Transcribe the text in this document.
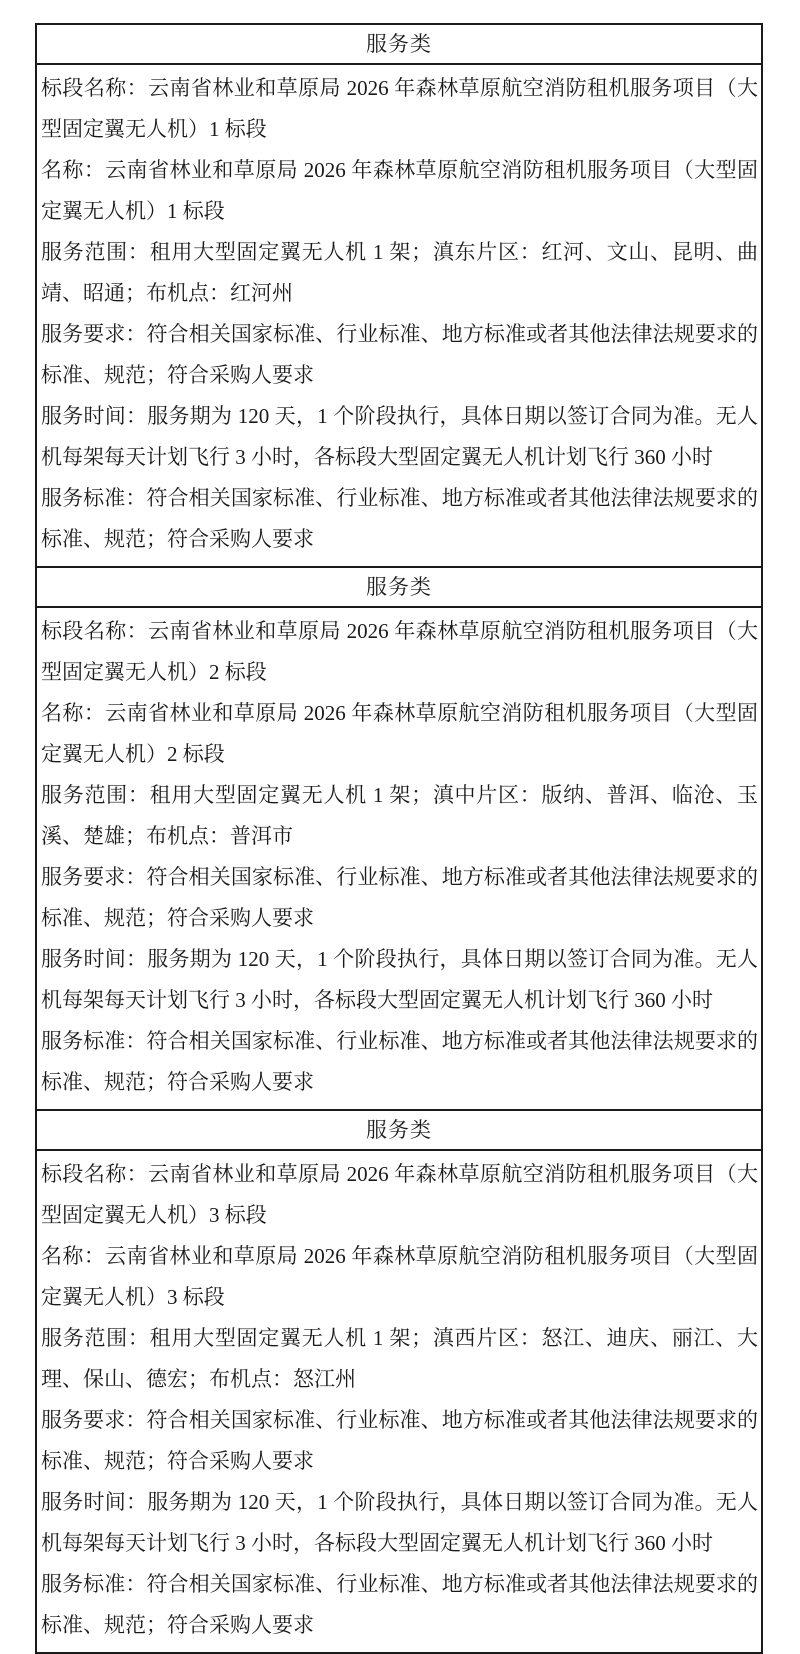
服务类

标段名称：云南省林业和草原局 2026 年森林草原航空消防租机服务项目（大型固定翼无人机）1 标段

名称：云南省林业和草原局 2026 年森林草原航空消防租机服务项目（大型固定翼无人机）1 标段

服务范围：租用大型固定翼无人机 1 架；滇东片区：红河、文山、昆明、曲靖、昭通；布机点：红河州

服务要求：符合相关国家标准、行业标准、地方标准或者其他法律法规要求的标准、规范；符合采购人要求

服务时间：服务期为 120 天，1 个阶段执行，具体日期以签订合同为准。无人机每架每天计划飞行 3 小时，各标段大型固定翼无人机计划飞行 360 小时

服务标准：符合相关国家标准、行业标准、地方标准或者其他法律法规要求的标准、规范；符合采购人要求

服务类

标段名称：云南省林业和草原局 2026 年森林草原航空消防租机服务项目（大型固定翼无人机）2 标段

名称：云南省林业和草原局 2026 年森林草原航空消防租机服务项目（大型固定翼无人机）2 标段

服务范围：租用大型固定翼无人机 1 架；滇中片区：版纳、普洱、临沧、玉溪、楚雄；布机点：普洱市

服务要求：符合相关国家标准、行业标准、地方标准或者其他法律法规要求的标准、规范；符合采购人要求

服务时间：服务期为 120 天，1 个阶段执行，具体日期以签订合同为准。无人机每架每天计划飞行 3 小时，各标段大型固定翼无人机计划飞行 360 小时

服务标准：符合相关国家标准、行业标准、地方标准或者其他法律法规要求的标准、规范；符合采购人要求

服务类

标段名称：云南省林业和草原局 2026 年森林草原航空消防租机服务项目（大型固定翼无人机）3 标段

名称：云南省林业和草原局 2026 年森林草原航空消防租机服务项目（大型固定翼无人机）3 标段

服务范围：租用大型固定翼无人机 1 架；滇西片区：怒江、迪庆、丽江、大理、保山、德宏；布机点：怒江州

服务要求：符合相关国家标准、行业标准、地方标准或者其他法律法规要求的标准、规范；符合采购人要求

服务时间：服务期为 120 天，1 个阶段执行，具体日期以签订合同为准。无人机每架每天计划飞行 3 小时，各标段大型固定翼无人机计划飞行 360 小时

服务标准：符合相关国家标准、行业标准、地方标准或者其他法律法规要求的标准、规范；符合采购人要求
